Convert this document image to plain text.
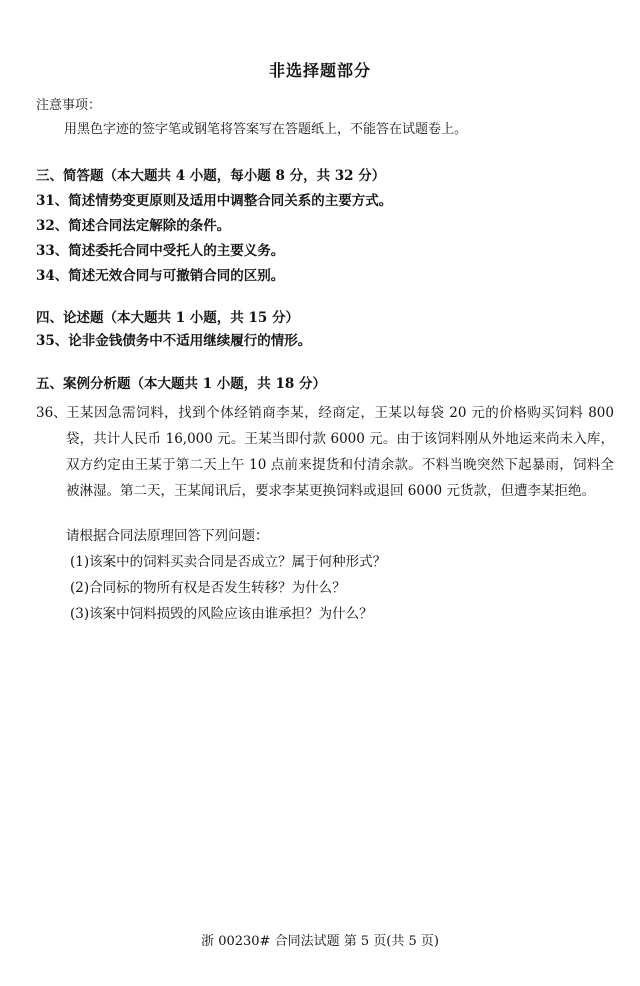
非选择题部分
注意事项：
用黑色字迹的签字笔或钢笔将答案写在答题纸上，不能答在试题卷上。
三、简答题（本大题共 4 小题，每小题 8 分，共 32 分）
31、简述情势变更原则及适用中调整合同关系的主要方式。
32、简述合同法定解除的条件。
33、简述委托合同中受托人的主要义务。
34、简述无效合同与可撤销合同的区别。
四、论述题（本大题共 1 小题，共 15 分）
35、论非金钱债务中不适用继续履行的情形。
五、案例分析题（本大题共 1 小题，共 18 分）
36、 王某因急需饲料，找到个体经销商李某，经商定，王某以每袋 20 元的价格购买饲料 800 袋，共计人民币 16,000 元。王某当即付款 6000 元。由于该饲料刚从外地运来尚未入库，双方约定由王某于第二天上午 10 点前来提货和付清余款。不料当晚突然下起暴雨，饲料全被淋湿。第二天，王某闻讯后，要求李某更换饲料或退回 6000 元货款，但遭李某拒绝。
请根据合同法原理回答下列问题：
(1)该案中的饲料买卖合同是否成立？属于何种形式？
(2)合同标的物所有权是否发生转移？为什么？
(3)该案中饲料损毁的风险应该由谁承担？为什么？
浙 00230# 合同法试题 第 5 页(共 5 页)
